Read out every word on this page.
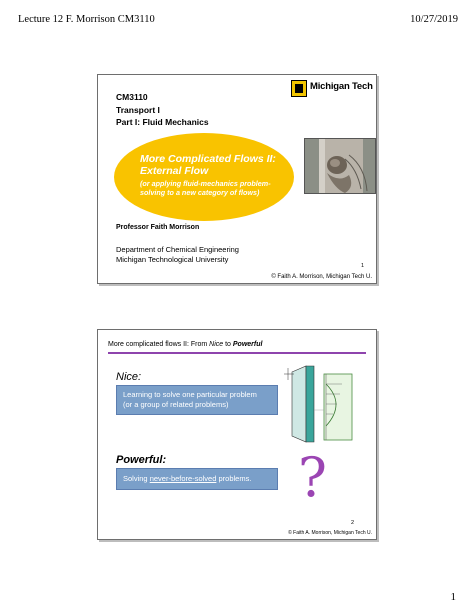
Lecture 12 F. Morrison CM3110	10/27/2019
CM3110
Transport I
Part I: Fluid Mechanics
Michigan Tech
More Complicated Flows II:
External Flow
(or applying fluid-mechanics problem-solving to a new category of flows)
Professor Faith Morrison
Department of Chemical Engineering
Michigan Technological University
1
© Faith A. Morrison, Michigan Tech U.
More complicated flows II: From Nice to Powerful
Nice:
Learning to solve one particular problem
(or a group of related problems)
Powerful:
Solving never-before-solved problems. ?
2
© Faith A. Morrison, Michigan Tech U.
1
